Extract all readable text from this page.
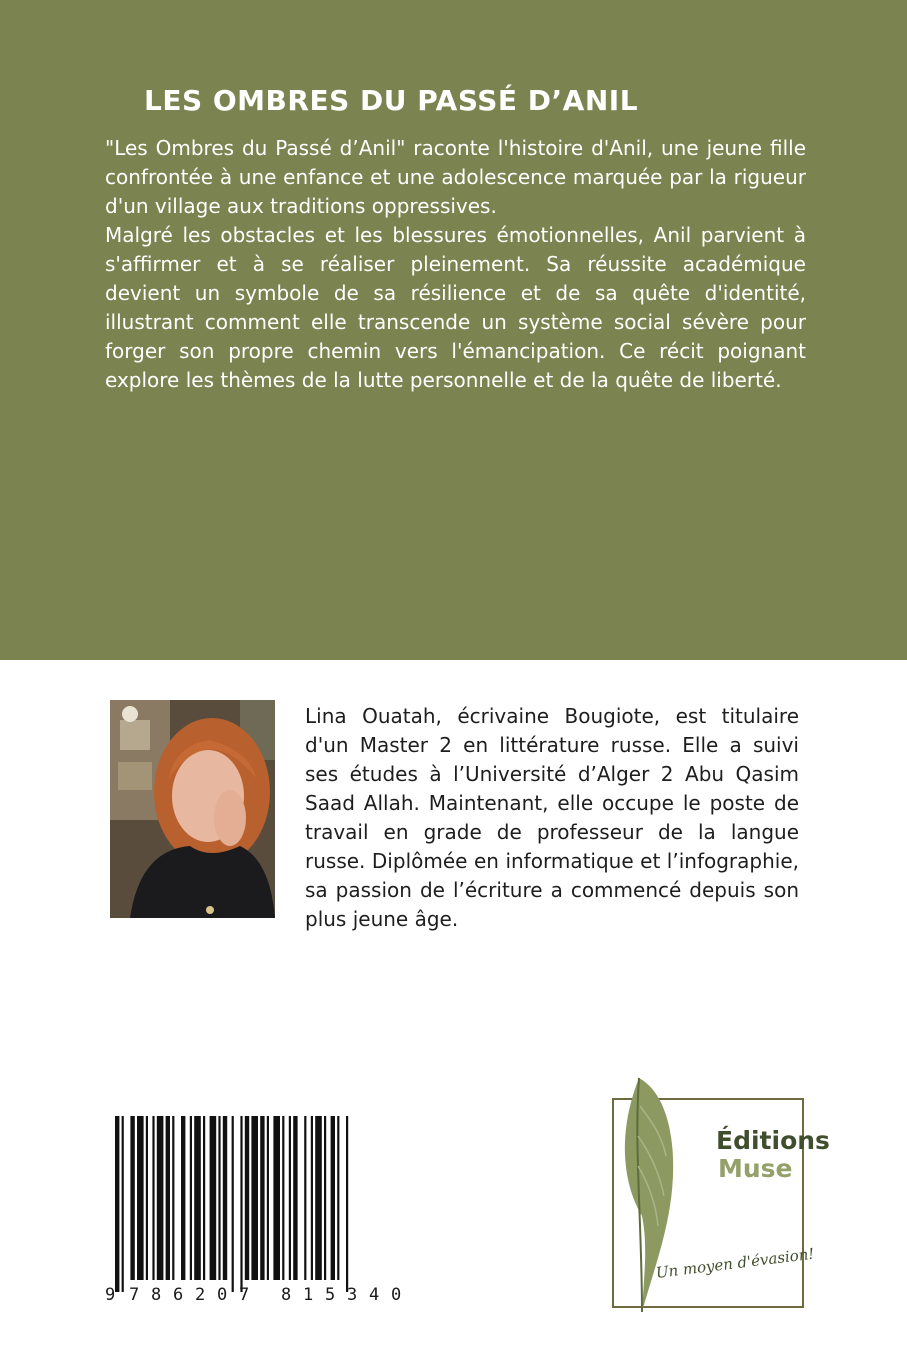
LES OMBRES DU PASSÉ D’ANIL

"Les Ombres du Passé d’Anil" raconte l'histoire d'Anil, une jeune fille confrontée à une enfance et une adolescence marquée par la rigueur d'un village aux traditions oppressives.

Malgré les obstacles et les blessures émotionnelles, Anil parvient à s'affirmer et à se réaliser pleinement. Sa réussite académique devient un symbole de sa résilience et de sa quête d'identité, illustrant comment elle transcende un système social sévère pour forger son propre chemin vers l'émancipation. Ce récit poignant explore les thèmes de la lutte personnelle et de la quête de liberté.

Lina Ouatah, écrivaine Bougiote, est titulaire d'un Master 2 en littérature russe. Elle a suivi ses études à l’Université d’Alger 2 Abu Qasim Saad Allah. Maintenant, elle occupe le poste de travail en grade de professeur de la langue russe. Diplômée en informatique et l’infographie, sa passion de l’écriture a commencé depuis son plus jeune âge.
9 7 8 6 2 0 7 8 1 5 3 4 0
Éditions
Muse
Un moyen d'évasion!
